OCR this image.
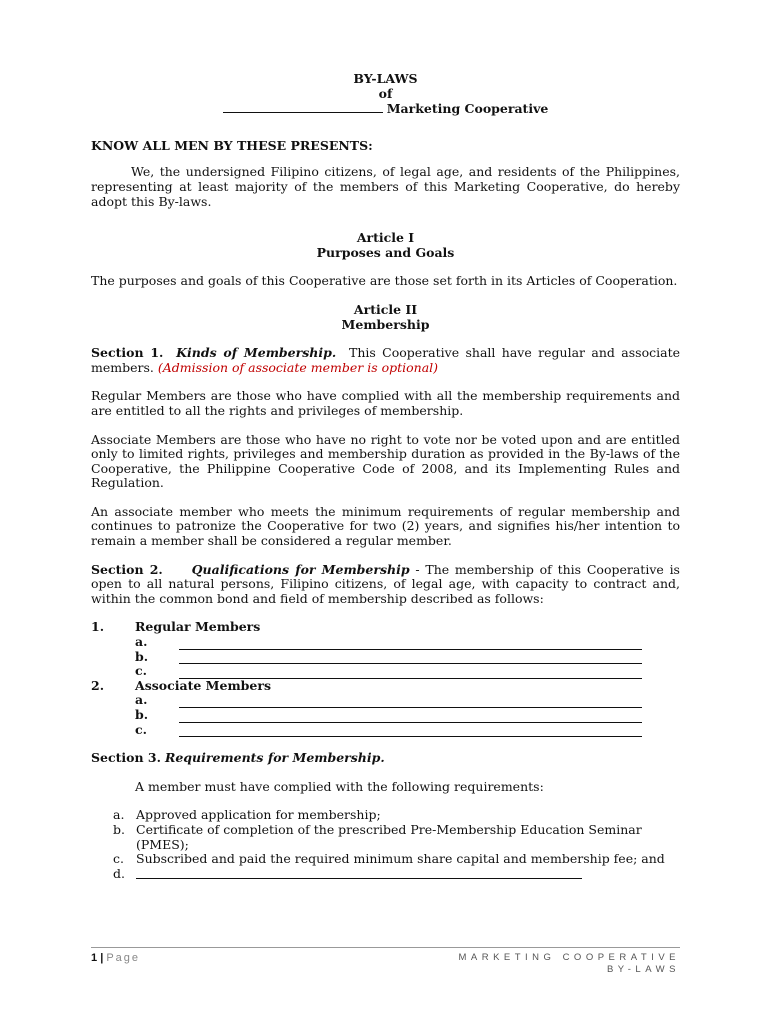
BY-LAWS
of
Marketing Cooperative

KNOW ALL MEN BY THESE PRESENTS:

We, the undersigned Filipino citizens, of legal age, and residents of the Philippines, representing at least majority of the members of this Marketing Cooperative, do hereby adopt this By-laws.

Article I
Purposes and Goals

The purposes and goals of this Cooperative are those set forth in its Articles of Cooperation.

Article II
Membership

Section 1. Kinds of Membership. This Cooperative shall have regular and associate members. (Admission of associate member is optional)

Regular Members are those who have complied with all the membership requirements and are entitled to all the rights and privileges of membership.

Associate Members are those who have no right to vote nor be voted upon and are entitled only to limited rights, privileges and membership duration as provided in the By-laws of the Cooperative, the Philippine Cooperative Code of 2008, and its Implementing Rules and Regulation.

An associate member who meets the minimum requirements of regular membership and continues to patronize the Cooperative for two (2) years, and signifies his/her intention to remain a member shall be considered a regular member.

Section 2. Qualifications for Membership - The membership of this Cooperative is open to all natural persons, Filipino citizens, of legal age, with capacity to contract and, within the common bond and field of membership described as follows:

1.	Regular Members
a.
b.
c.
2.	Associate Members
a.
b.
c.

Section 3. Requirements for Membership.

A member must have complied with the following requirements:

a. Approved application for membership;
b. Certificate of completion of the prescribed Pre-Membership Education Seminar (PMES);
c. Subscribed and paid the required minimum share capital and membership fee; and
d.
1 | Page	MARKETING COOPERATIVE
BY-LAWS
